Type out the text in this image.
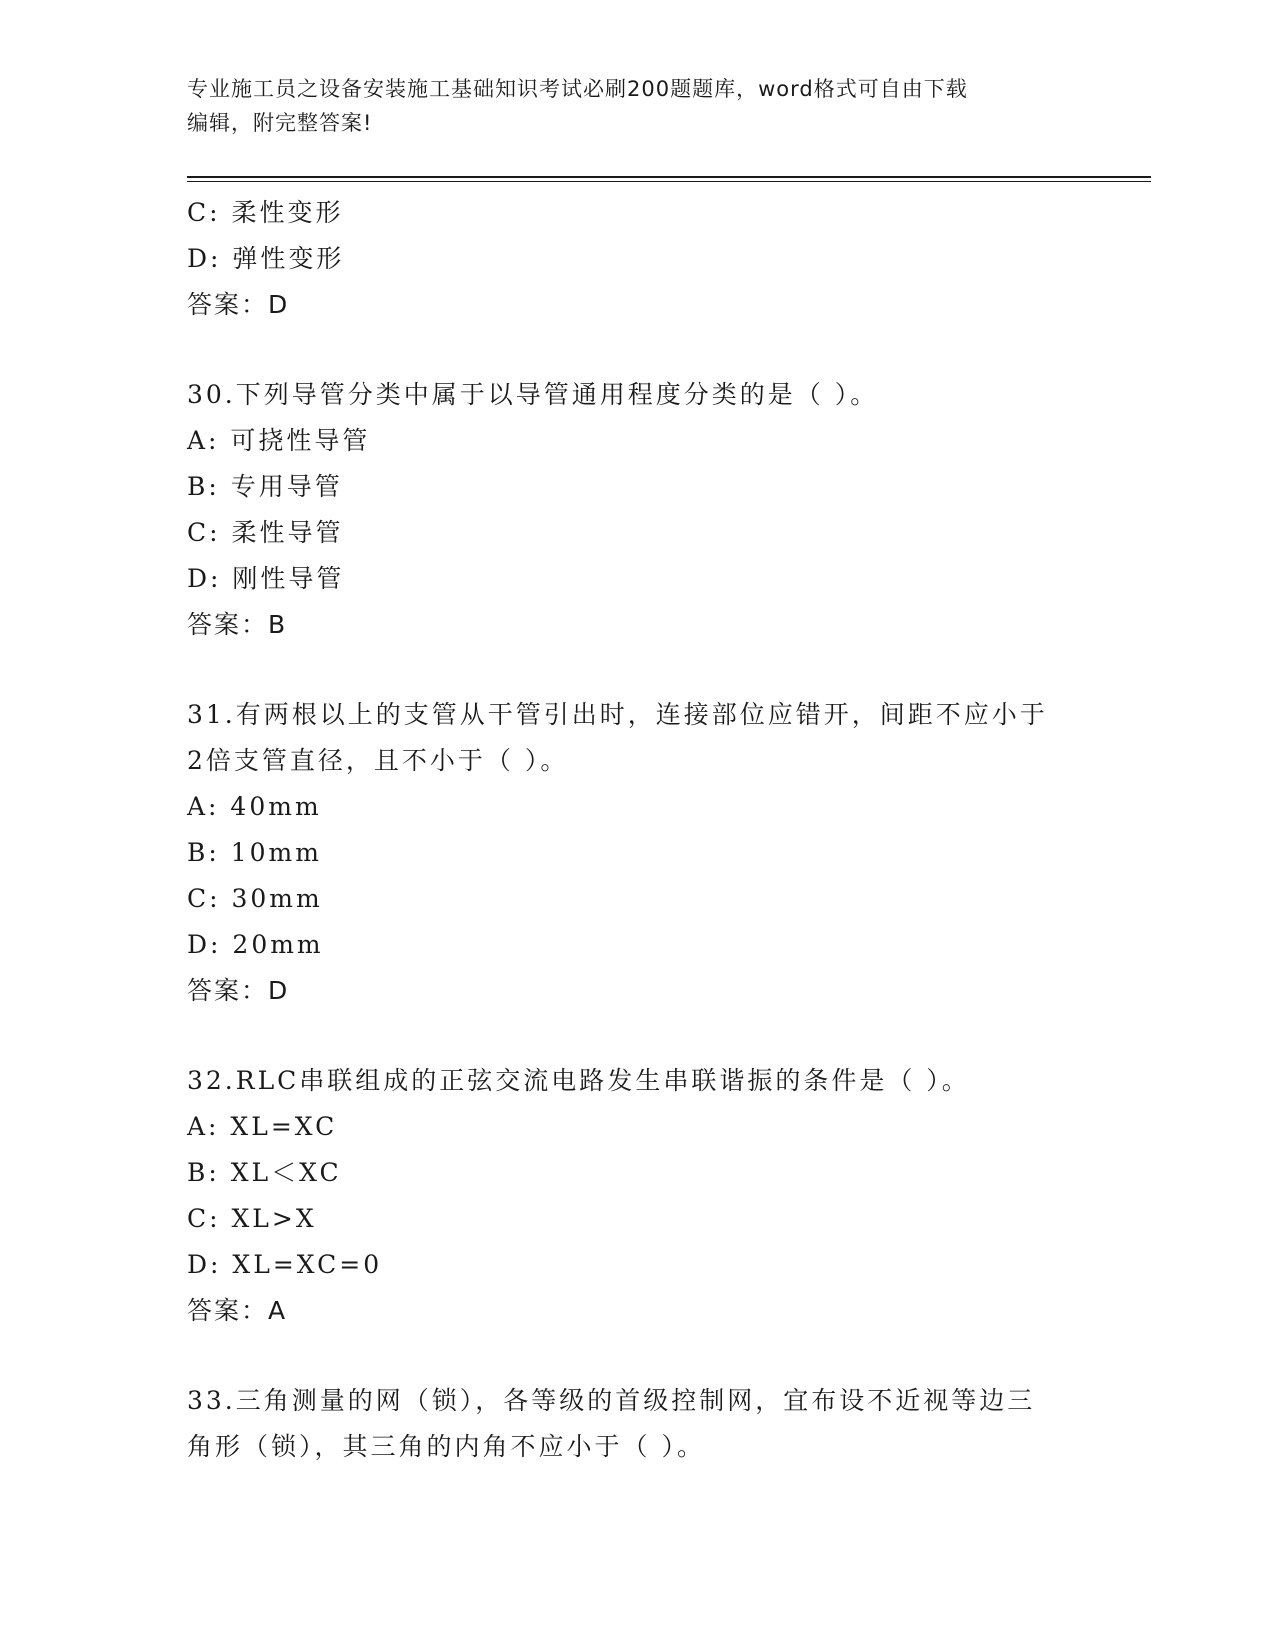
专业施工员之设备安装施工基础知识考试必刷200题题库，word格式可自由下载
编辑，附完整答案!
C: 柔性变形
D: 弹性变形
答案：D
30.下列导管分类中属于以导管通用程度分类的是（ ）。
A: 可挠性导管
B: 专用导管
C: 柔性导管
D: 刚性导管
答案：B
31.有两根以上的支管从干管引出时，连接部位应错开，间距不应小于
2倍支管直径，且不小于（ ）。
A: 40mm
B: 10mm
C: 30mm
D: 20mm
答案：D
32.RLC串联组成的正弦交流电路发生串联谐振的条件是（ ）。
A: XL=XC
B: XL＜XC
C: XL>X
D: XL=XC=0
答案：A
33.三角测量的网（锁），各等级的首级控制网，宜布设不近视等边三
角形（锁），其三角的内角不应小于（ ）。
